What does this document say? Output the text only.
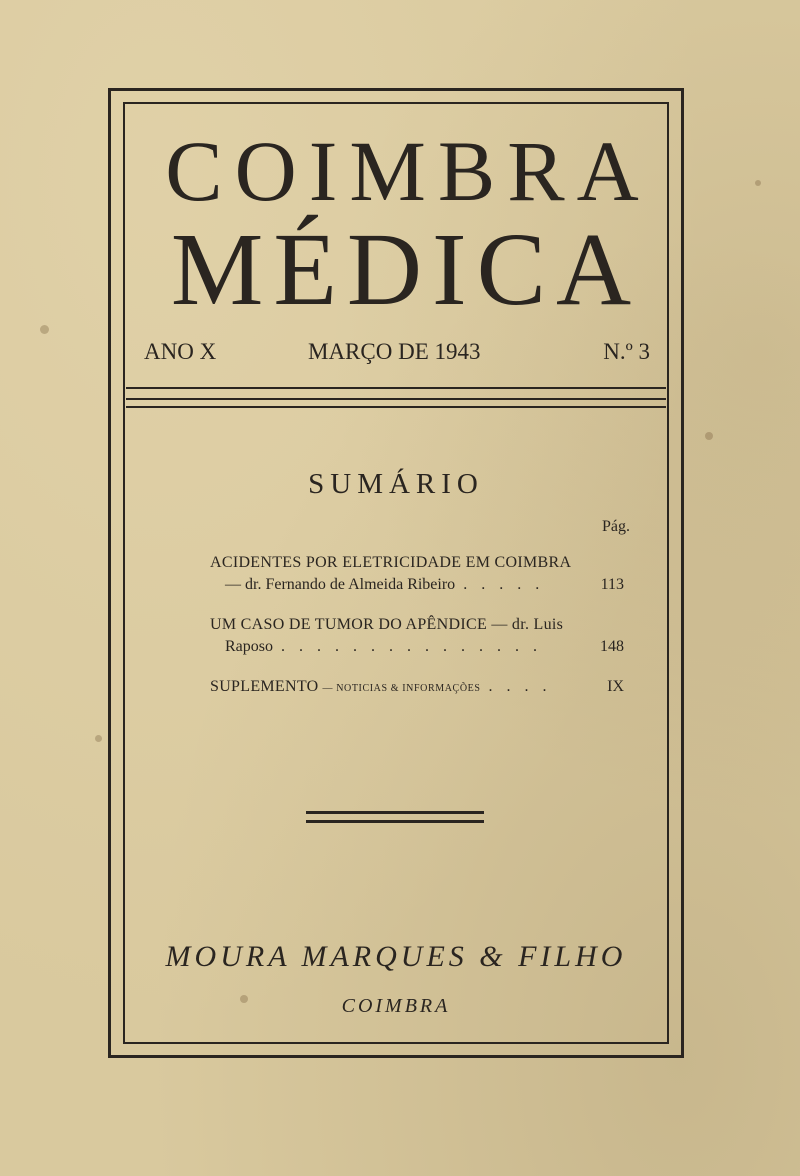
COIMBRA
MÉDICA
ANO X	MARÇO DE 1943	N.º 3
SUMÁRIO
Pág.
ACIDENTES POR ELETRICIDADE EM COIMBRA
— dr. Fernando de Almeida Ribeiro . . . . .	113
UM CASO DE TUMOR DO APÊNDICE — dr. Luis
Raposo . . . . . . . . . . . . . . .	148
SUPLEMENTO — NOTICIAS & INFORMAÇÕES . . . .	IX
MOURA MARQUES & FILHO
COIMBRA
